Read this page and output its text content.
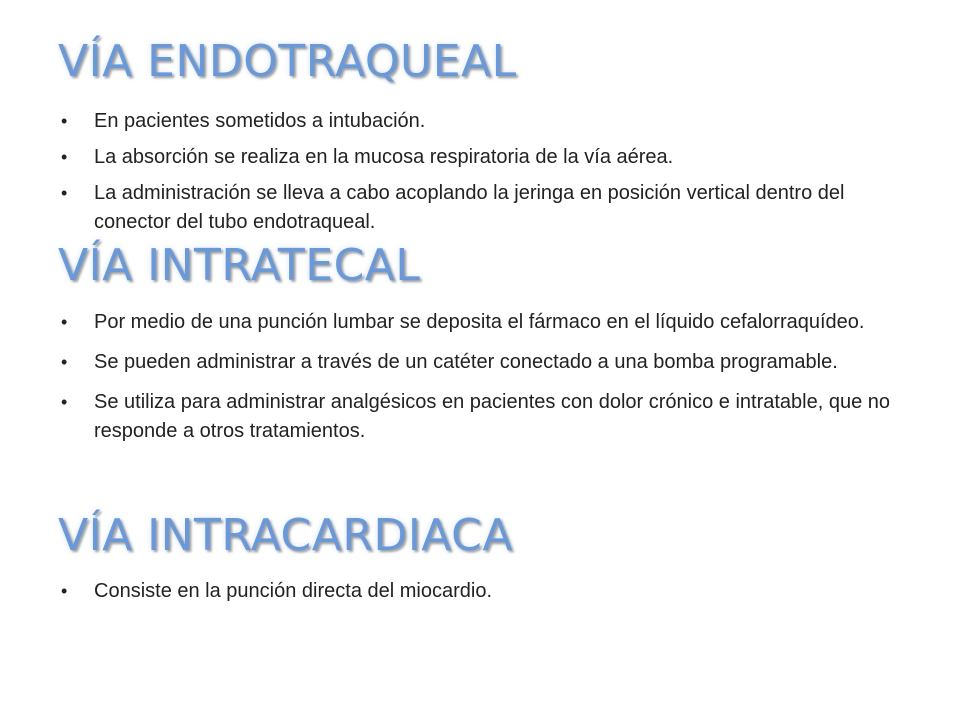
VÍA ENDOTRAQUEAL
• En pacientes sometidos a intubación.
• La absorción se realiza en la mucosa respiratoria de la vía aérea.
• La administración se lleva a cabo acoplando la jeringa en posición vertical dentro del conector del tubo endotraqueal.
VÍA INTRATECAL
• Por medio de una punción lumbar se deposita el fármaco en el líquido cefalorraquídeo.
• Se pueden administrar a través de un catéter conectado a una bomba programable.
• Se utiliza para administrar analgésicos en pacientes con dolor crónico e intratable, que no responde a otros tratamientos.
VÍA INTRACARDIACA
• Consiste en la punción directa del miocardio.
